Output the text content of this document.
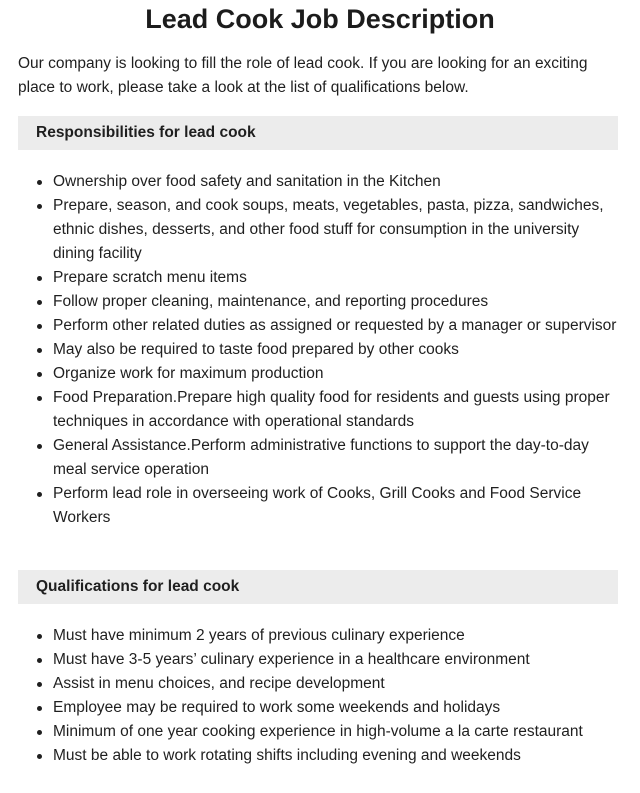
Lead Cook Job Description

Our company is looking to fill the role of lead cook. If you are looking for an exciting place to work, please take a look at the list of qualifications below.

Responsibilities for lead cook
Ownership over food safety and sanitation in the Kitchen
Prepare, season, and cook soups, meats, vegetables, pasta, pizza, sandwiches, ethnic dishes, desserts, and other food stuff for consumption in the university dining facility
Prepare scratch menu items
Follow proper cleaning, maintenance, and reporting procedures
Perform other related duties as assigned or requested by a manager or supervisor
May also be required to taste food prepared by other cooks
Organize work for maximum production
Food Preparation.Prepare high quality food for residents and guests using proper techniques in accordance with operational standards
General Assistance.Perform administrative functions to support the day-to-day meal service operation
Perform lead role in overseeing work of Cooks, Grill Cooks and Food Service Workers
Qualifications for lead cook
Must have minimum 2 years of previous culinary experience
Must have 3-5 years’ culinary experience in a healthcare environment
Assist in menu choices, and recipe development
Employee may be required to work some weekends and holidays
Minimum of one year cooking experience in high-volume a la carte restaurant
Must be able to work rotating shifts including evening and weekends
